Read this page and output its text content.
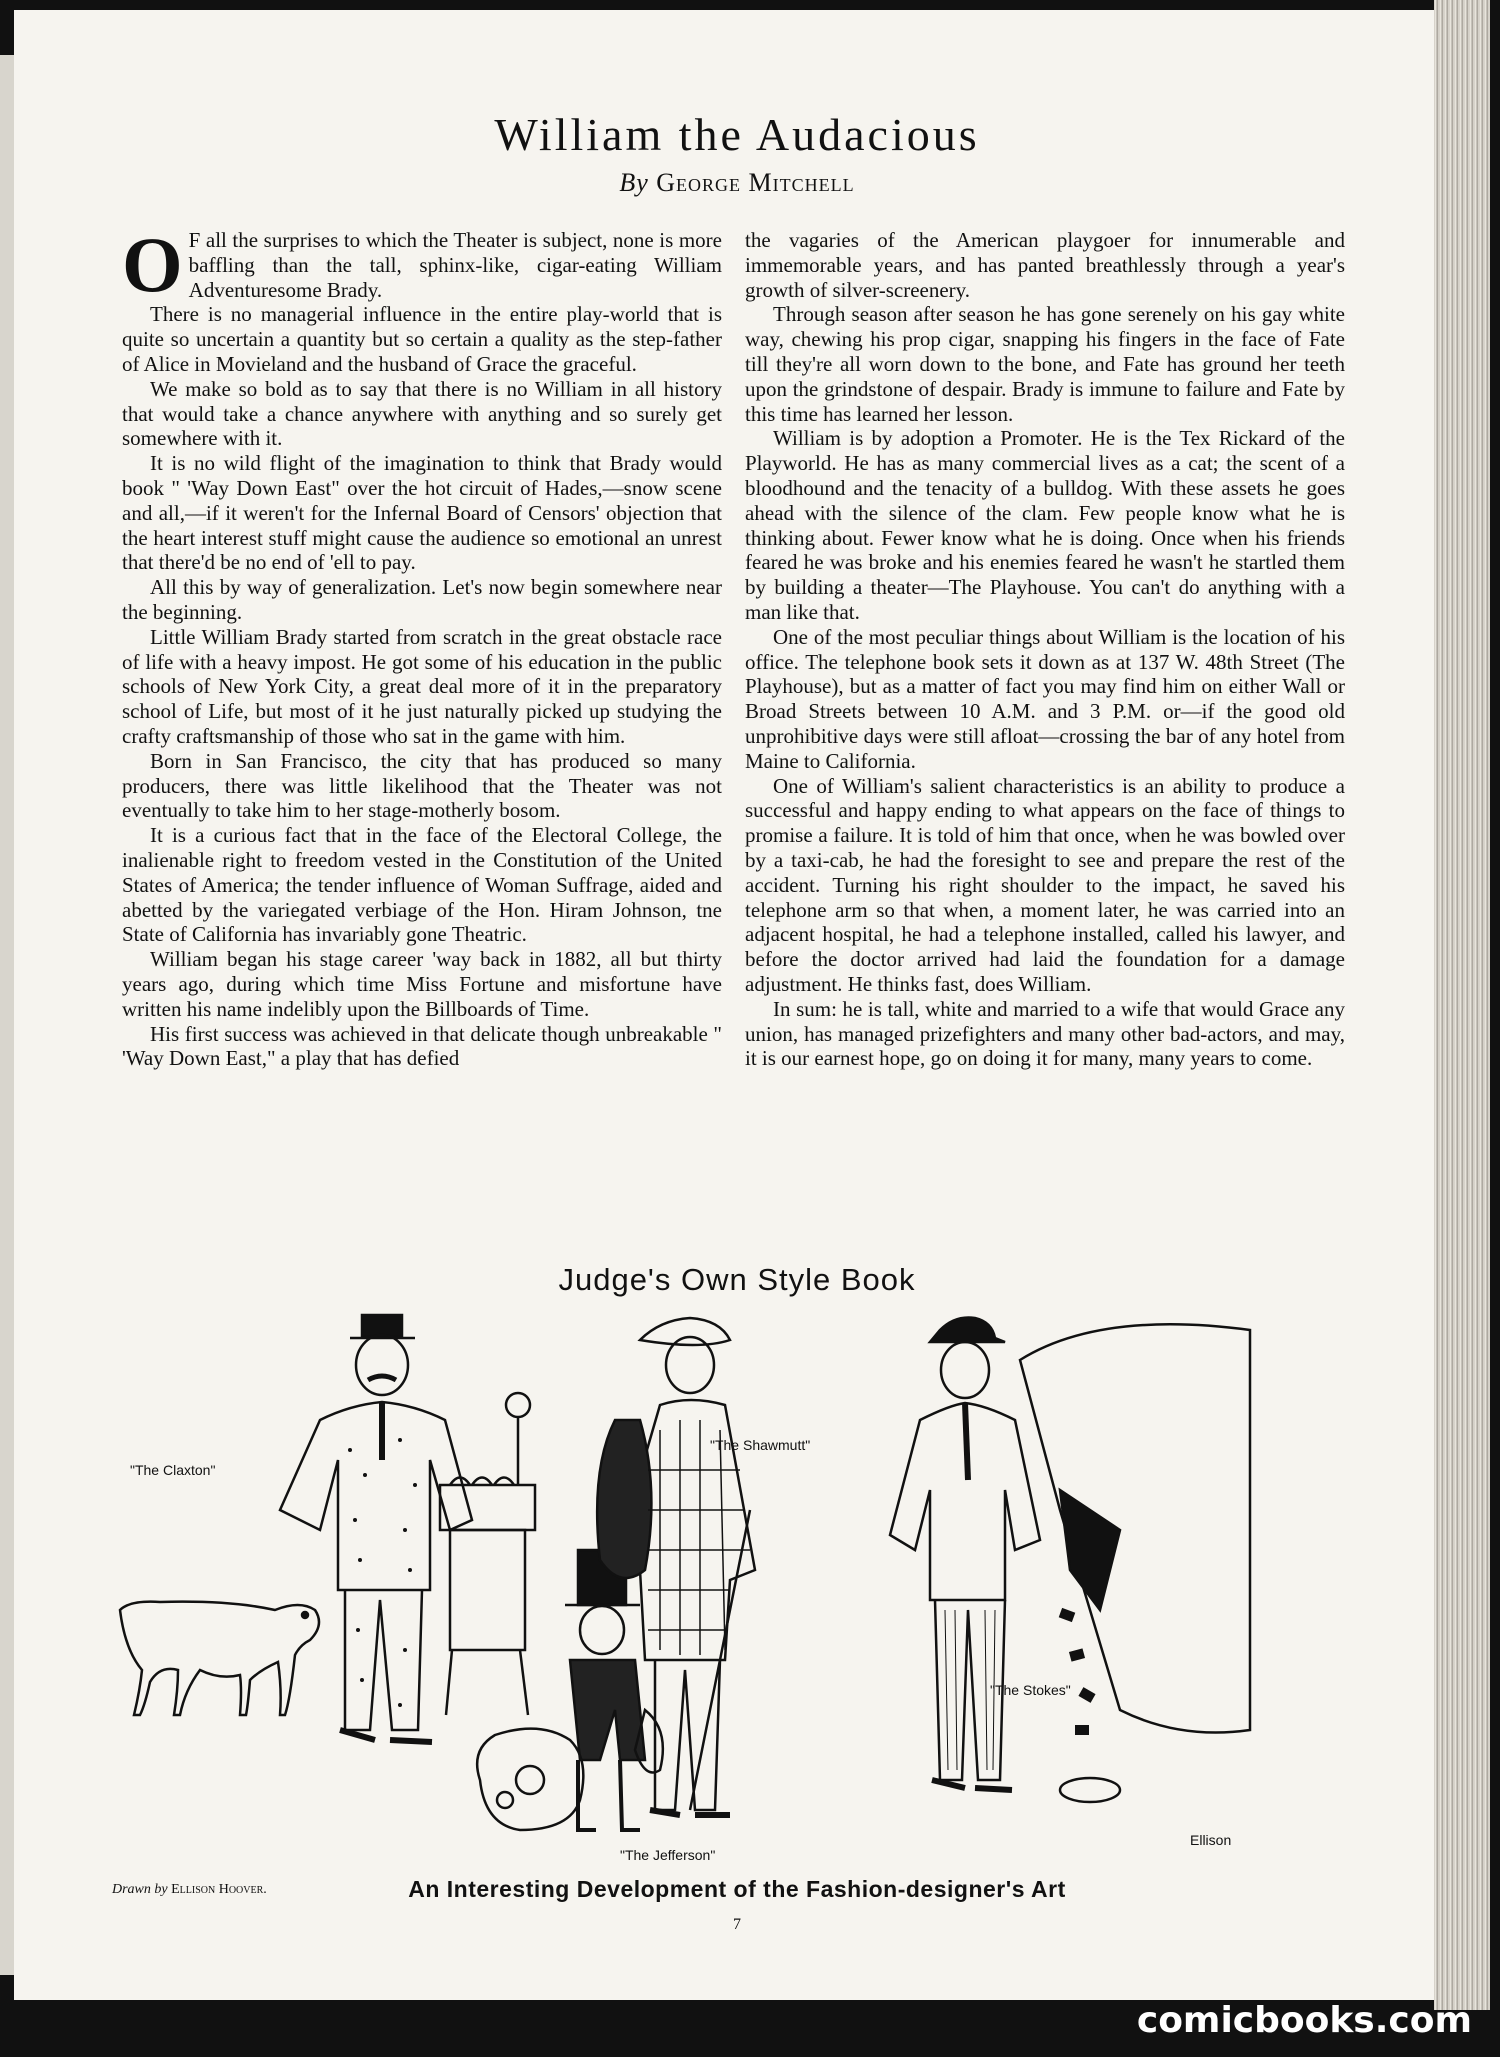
William the Audacious
By George Mitchell

O F all the surprises to which the Theater is subject, none is more baffling than the tall, sphinx-like, cigar-eating William Adventuresome Brady.

There is no managerial influence in the entire play-world that is quite so uncertain a quantity but so certain a quality as the step-father of Alice in Movieland and the husband of Grace the graceful.

We make so bold as to say that there is no William in all history that would take a chance anywhere with anything and so surely get somewhere with it.

It is no wild flight of the imagination to think that Brady would book " 'Way Down East" over the hot circuit of Hades,—snow scene and all,—if it weren't for the Infernal Board of Censors' objection that the heart interest stuff might cause the audience so emotional an unrest that there'd be no end of 'ell to pay.

All this by way of generalization. Let's now begin somewhere near the beginning.

Little William Brady started from scratch in the great obstacle race of life with a heavy impost. He got some of his education in the public schools of New York City, a great deal more of it in the preparatory school of Life, but most of it he just naturally picked up studying the crafty craftsmanship of those who sat in the game with him.

Born in San Francisco, the city that has produced so many producers, there was little likelihood that the Theater was not eventually to take him to her stage-motherly bosom.

It is a curious fact that in the face of the Electoral College, the inalienable right to freedom vested in the Constitution of the United States of America; the tender influence of Woman Suffrage, aided and abetted by the variegated verbiage of the Hon. Hiram Johnson, tne State of California has invariably gone Theatric.

William began his stage career 'way back in 1882, all but thirty years ago, during which time Miss Fortune and misfortune have written his name indelibly upon the Billboards of Time.

His first success was achieved in that delicate though unbreakable " 'Way Down East," a play that has defied

the vagaries of the American playgoer for innumerable and immemorable years, and has panted breathlessly through a year's growth of silver-screenery.

Through season after season he has gone serenely on his gay white way, chewing his prop cigar, snapping his fingers in the face of Fate till they're all worn down to the bone, and Fate has ground her teeth upon the grindstone of despair. Brady is immune to failure and Fate by this time has learned her lesson.

William is by adoption a Promoter. He is the Tex Rickard of the Playworld. He has as many commercial lives as a cat; the scent of a bloodhound and the tenacity of a bulldog. With these assets he goes ahead with the silence of the clam. Few people know what he is thinking about. Fewer know what he is doing. Once when his friends feared he was broke and his enemies feared he wasn't he startled them by building a theater—The Playhouse. You can't do anything with a man like that.

One of the most peculiar things about William is the location of his office. The telephone book sets it down as at 137 W. 48th Street (The Playhouse), but as a matter of fact you may find him on either Wall or Broad Streets between 10 A.M. and 3 P.M. or—if the good old unprohibitive days were still afloat—crossing the bar of any hotel from Maine to California.

One of William's salient characteristics is an ability to produce a successful and happy ending to what appears on the face of things to promise a failure. It is told of him that once, when he was bowled over by a taxi-cab, he had the foresight to see and prepare the rest of the accident. Turning his right shoulder to the impact, he saved his telephone arm so that when, a moment later, he was carried into an adjacent hospital, he had a telephone installed, called his lawyer, and before the doctor arrived had laid the foundation for a damage adjustment. He thinks fast, does William.

In sum: he is tall, white and married to a wife that would Grace any union, has managed prizefighters and many other bad-actors, and may, it is our earnest hope, go on doing it for many, many years to come.

Judge's Own Style Book
Ellison
"The Claxton"
"The Shawmutt"
"The Stokes"
"The Jefferson"
Drawn by Ellison Hoover.	An Interesting Development of the Fashion-designer's Art
7
comicbooks.com
